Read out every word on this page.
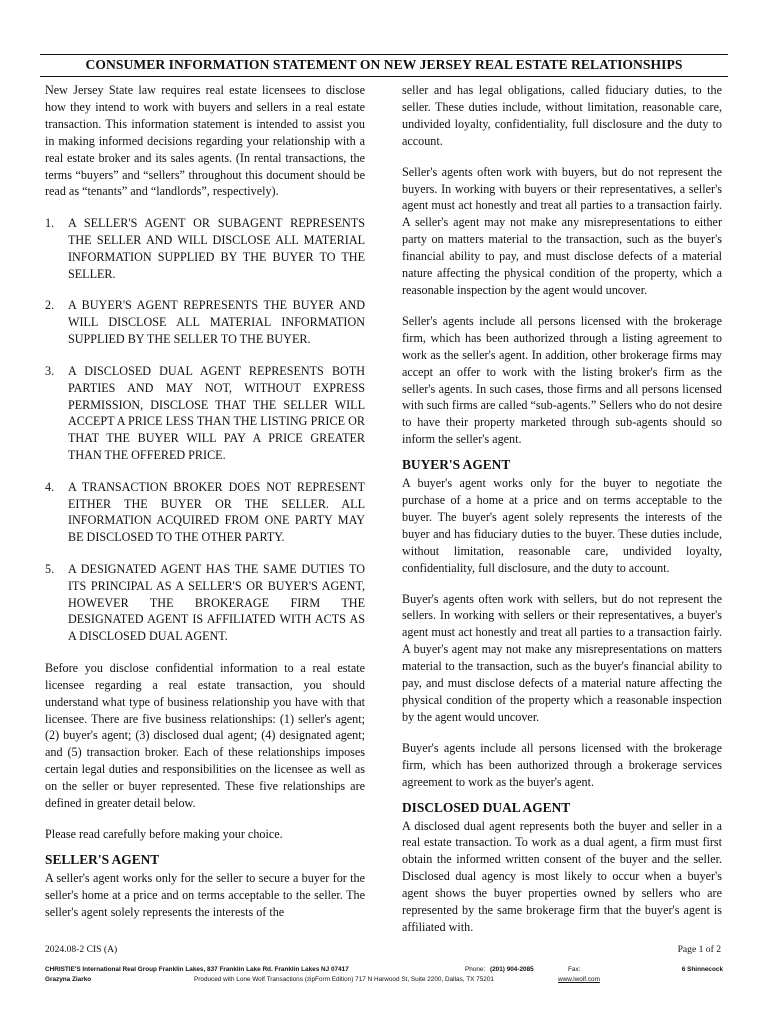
CONSUMER INFORMATION STATEMENT ON NEW JERSEY REAL ESTATE RELATIONSHIPS

New Jersey State law requires real estate licensees to disclose how they intend to work with buyers and sellers in a real estate transaction. This information statement is intended to assist you in making informed decisions regarding your relationship with a real estate broker and its sales agents. (In rental transactions, the terms “buyers” and “sellers” throughout this document should be read as “tenants” and “landlords”, respectively).

1.	A SELLER'S AGENT OR SUBAGENT REPRESENTS THE SELLER AND WILL DISCLOSE ALL MATERIAL INFORMATION SUPPLIED BY THE BUYER TO THE SELLER.
2.	A BUYER'S AGENT REPRESENTS THE BUYER AND WILL DISCLOSE ALL MATERIAL INFORMATION SUPPLIED BY THE SELLER TO THE BUYER.
3.	A DISCLOSED DUAL AGENT REPRESENTS BOTH PARTIES AND MAY NOT, WITHOUT EXPRESS PERMISSION, DISCLOSE THAT THE SELLER WILL ACCEPT A PRICE LESS THAN THE LISTING PRICE OR THAT THE BUYER WILL PAY A PRICE GREATER THAN THE OFFERED PRICE.
4.	A TRANSACTION BROKER DOES NOT REPRESENT EITHER THE BUYER OR THE SELLER. ALL INFORMATION ACQUIRED FROM ONE PARTY MAY BE DISCLOSED TO THE OTHER PARTY.
5.	A DESIGNATED AGENT HAS THE SAME DUTIES TO ITS PRINCIPAL AS A SELLER'S OR BUYER'S AGENT, HOWEVER THE BROKERAGE FIRM THE DESIGNATED AGENT IS AFFILIATED WITH ACTS AS A DISCLOSED DUAL AGENT.

Before you disclose confidential information to a real estate licensee regarding a real estate transaction, you should understand what type of business relationship you have with that licensee. There are five business relationships: (1) seller's agent; (2) buyer's agent; (3) disclosed dual agent; (4) designated agent; and (5) transaction broker. Each of these relationships imposes certain legal duties and responsibilities on the licensee as well as on the seller or buyer represented. These five relationships are defined in greater detail below.

Please read carefully before making your choice.

SELLER'S AGENT

A seller's agent works only for the seller to secure a buyer for the seller's home at a price and on terms acceptable to the seller. The seller's agent solely represents the interests of the

seller and has legal obligations, called fiduciary duties, to the seller. These duties include, without limitation, reasonable care, undivided loyalty, confidentiality, full disclosure and the duty to account.

Seller's agents often work with buyers, but do not represent the buyers. In working with buyers or their representatives, a seller's agent must act honestly and treat all parties to a transaction fairly. A seller's agent may not make any misrepresentations to either party on matters material to the transaction, such as the buyer's financial ability to pay, and must disclose defects of a material nature affecting the physical condition of the property, which a reasonable inspection by the agent would uncover.

Seller's agents include all persons licensed with the brokerage firm, which has been authorized through a listing agreement to work as the seller's agent. In addition, other brokerage firms may accept an offer to work with the listing broker's firm as the seller's agents. In such cases, those firms and all persons licensed with such firms are called “sub-agents.” Sellers who do not desire to have their property marketed through sub-agents should so inform the seller's agent.

BUYER'S AGENT

A buyer's agent works only for the buyer to negotiate the purchase of a home at a price and on terms acceptable to the buyer. The buyer's agent solely represents the interests of the buyer and has fiduciary duties to the buyer. These duties include, without limitation, reasonable care, undivided loyalty, confidentiality, full disclosure, and the duty to account.

Buyer's agents often work with sellers, but do not represent the sellers. In working with sellers or their representatives, a buyer's agent must act honestly and treat all parties to a transaction fairly. A buyer's agent may not make any misrepresentations on matters material to the transaction, such as the buyer's financial ability to pay, and must disclose defects of a material nature affecting the physical condition of the property which a reasonable inspection by the agent would uncover.

Buyer's agents include all persons licensed with the brokerage firm, which has been authorized through a brokerage services agreement to work as the buyer's agent.

DISCLOSED DUAL AGENT

A disclosed dual agent represents both the buyer and seller in a real estate transaction. To work as a dual agent, a firm must first obtain the informed written consent of the buyer and the seller. Disclosed dual agency is most likely to occur when a buyer's agent shows the buyer properties owned by sellers who are represented by the same brokerage firm that the buyer's agent is affiliated with.

2024.08-2 CIS (A)	Page 1 of 2
CHRISTIE'S International Real Group Franklin Lakes, 837 Franklin Lake Rd. Franklin Lakes NJ 07417	Phone: (201) 904-2085	Fax:	6 Shinnecock
Grazyna Ziarko	Produced with Lone Wolf Transactions (zipForm Edition) 717 N Harwood St, Suite 2200, Dallas, TX 75201	www.lwolf.com
